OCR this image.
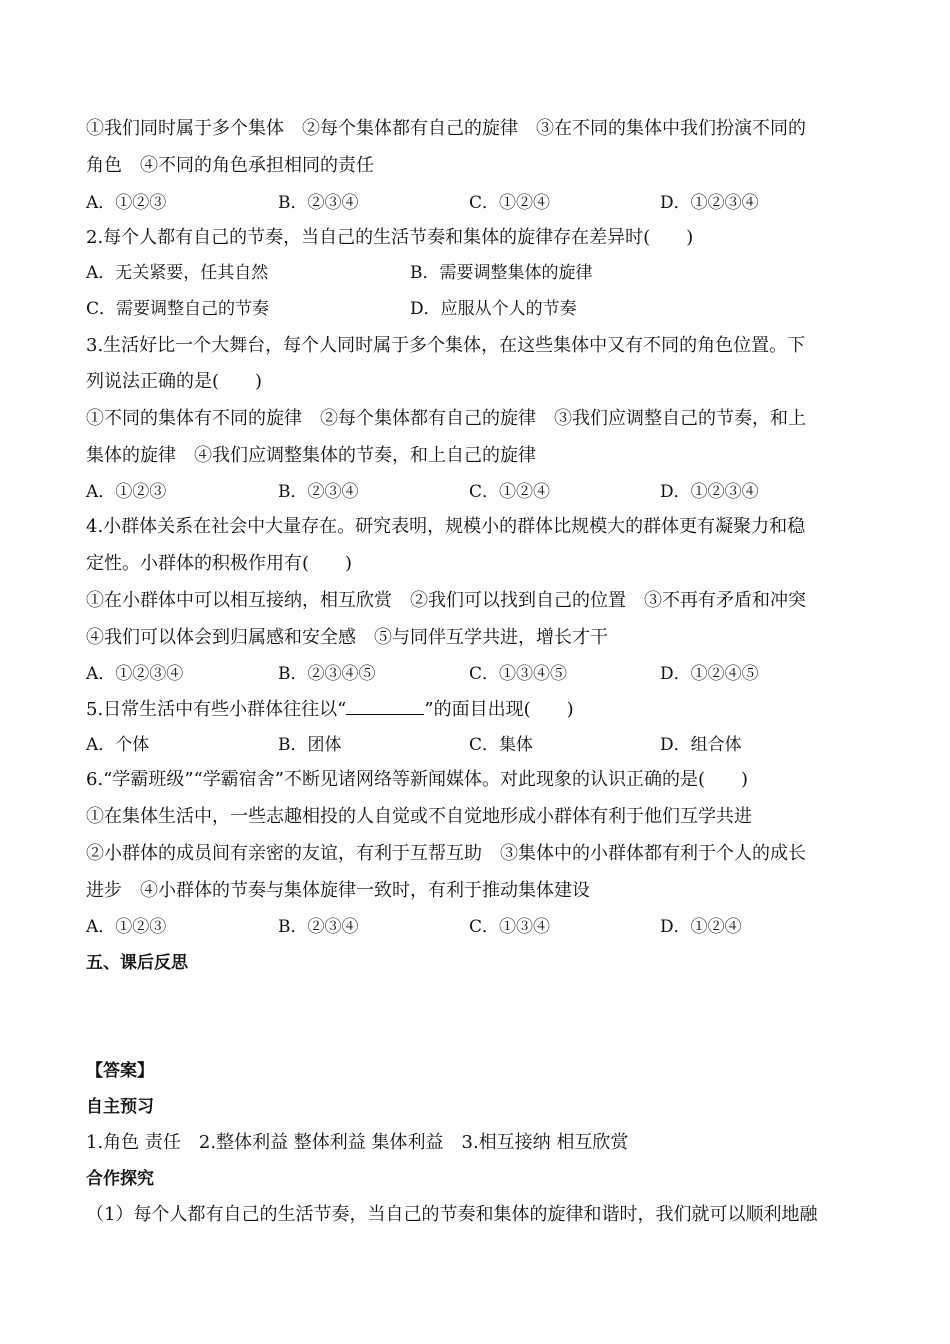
①我们同时属于多个集体　②每个集体都有自己的旋律　③在不同的集体中我们扮演不同的
角色　④不同的角色承担相同的责任
A．①②③	B．②③④	C．①②④	D．①②③④
2.每个人都有自己的节奏，当自己的生活节奏和集体的旋律存在差异时(　　)
A．无关紧要，任其自然	B．需要调整集体的旋律
C．需要调整自己的节奏	D．应服从个人的节奏
3.生活好比一个大舞台，每个人同时属于多个集体，在这些集体中又有不同的角色位置。下
列说法正确的是(　　)
①不同的集体有不同的旋律　②每个集体都有自己的旋律　③我们应调整自己的节奏，和上
集体的旋律　④我们应调整集体的节奏，和上自己的旋律
A．①②③	B．②③④	C．①②④	D．①②③④
4.小群体关系在社会中大量存在。研究表明，规模小的群体比规模大的群体更有凝聚力和稳
定性。小群体的积极作用有(　　)
①在小群体中可以相互接纳，相互欣赏　②我们可以找到自己的位置　③不再有矛盾和冲突
④我们可以体会到归属感和安全感　⑤与同伴互学共进，增长才干
A．①②③④	B．②③④⑤	C．①③④⑤	D．①②④⑤
5.日常生活中有些小群体往往以“	”的面目出现(　　)
A．个体	B．团体	C．集体	D．组合体
6.“学霸班级”“学霸宿舍”不断见诸网络等新闻媒体。对此现象的认识正确的是(　　)
①在集体生活中，一些志趣相投的人自觉或不自觉地形成小群体有利于他们互学共进
②小群体的成员间有亲密的友谊，有利于互帮互助　③集体中的小群体都有利于个人的成长
进步　④小群体的节奏与集体旋律一致时，有利于推动集体建设
A．①②③	B．②③④	C．①③④	D．①②④
五、课后反思
【答案】
自主预习
1.角色 责任　2.整体利益 整体利益 集体利益　3.相互接纳 相互欣赏
合作探究
（1）每个人都有自己的生活节奏，当自己的节奏和集体的旋律和谐时，我们就可以顺利地融
